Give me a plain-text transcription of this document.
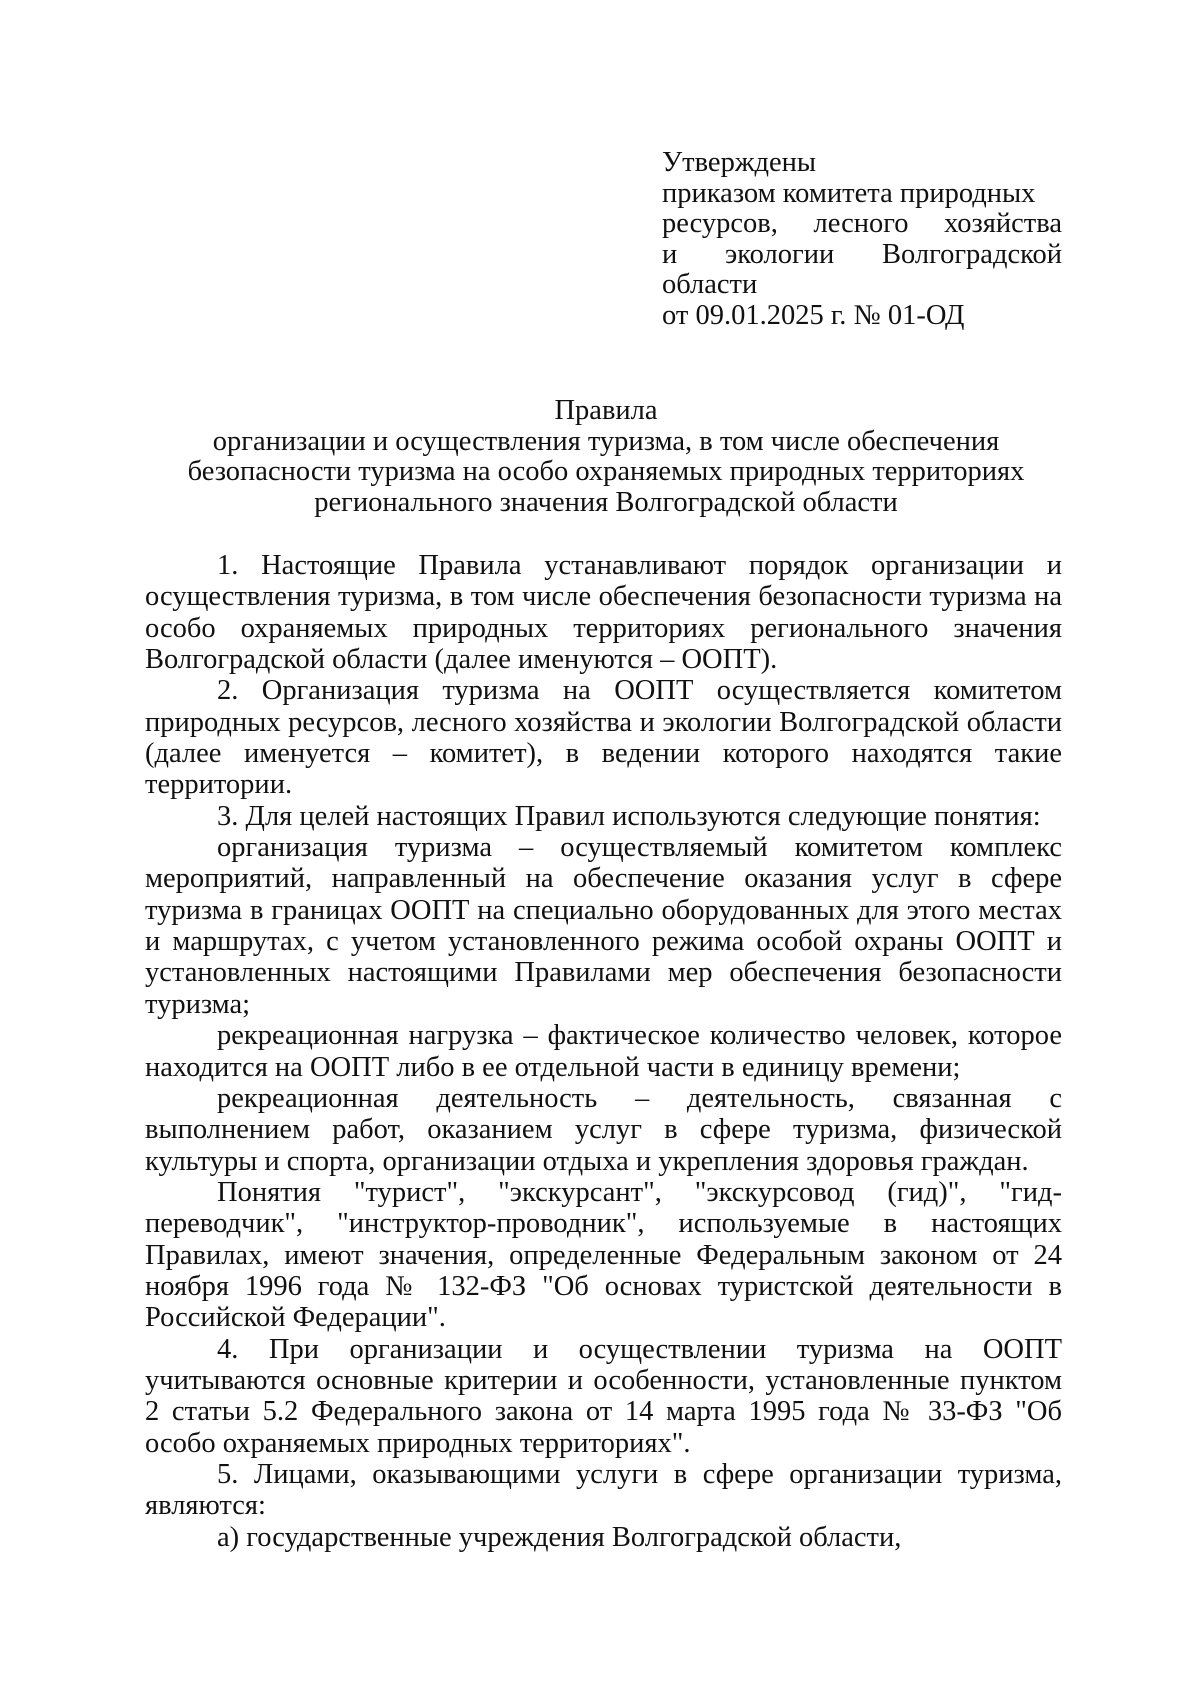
Утверждены
приказом комитета природных
ресурсов, лесного хозяйства
и экологии Волгоградской
области
от 09.01.2025 г. № 01-ОД
Правила
организации и осуществления туризма, в том числе обеспечения
безопасности туризма на особо охраняемых природных территориях
регионального значения Волгоградской области

1. Настоящие Правила устанавливают порядок организации и осуществления туризма, в том числе обеспечения безопасности туризма на особо охраняемых природных территориях регионального значения Волгоградской области (далее именуются – ООПТ).

2. Организация туризма на ООПТ осуществляется комитетом природных ресурсов, лесного хозяйства и экологии Волгоградской области (далее именуется – комитет), в ведении которого находятся такие территории.

3. Для целей настоящих Правил используются следующие понятия:

организация туризма – осуществляемый комитетом комплекс мероприятий, направленный на обеспечение оказания услуг в сфере туризма в границах ООПТ на специально оборудованных для этого местах и маршрутах, с учетом установленного режима особой охраны ООПТ и установленных настоящими Правилами мер обеспечения безопасности туризма;

рекреационная нагрузка – фактическое количество человек, которое находится на ООПТ либо в ее отдельной части в единицу времени;

рекреационная деятельность – деятельность, связанная с выполнением работ, оказанием услуг в сфере туризма, физической культуры и спорта, организации отдыха и укрепления здоровья граждан.

Понятия "турист", "экскурсант", "экскурсовод (гид)", "гид-переводчик", "инструктор-проводник", используемые в настоящих Правилах, имеют значения, определенные Федеральным законом от 24 ноября 1996 года № 132-ФЗ "Об основах туристской деятельности в Российской Федерации".

4. При организации и осуществлении туризма на ООПТ учитываются основные критерии и особенности, установленные пунктом 2 статьи 5.2 Федерального закона от 14 марта 1995 года № 33-ФЗ "Об особо охраняемых природных территориях".

5. Лицами, оказывающими услуги в сфере организации туризма, являются:

а) государственные учреждения Волгоградской области,
